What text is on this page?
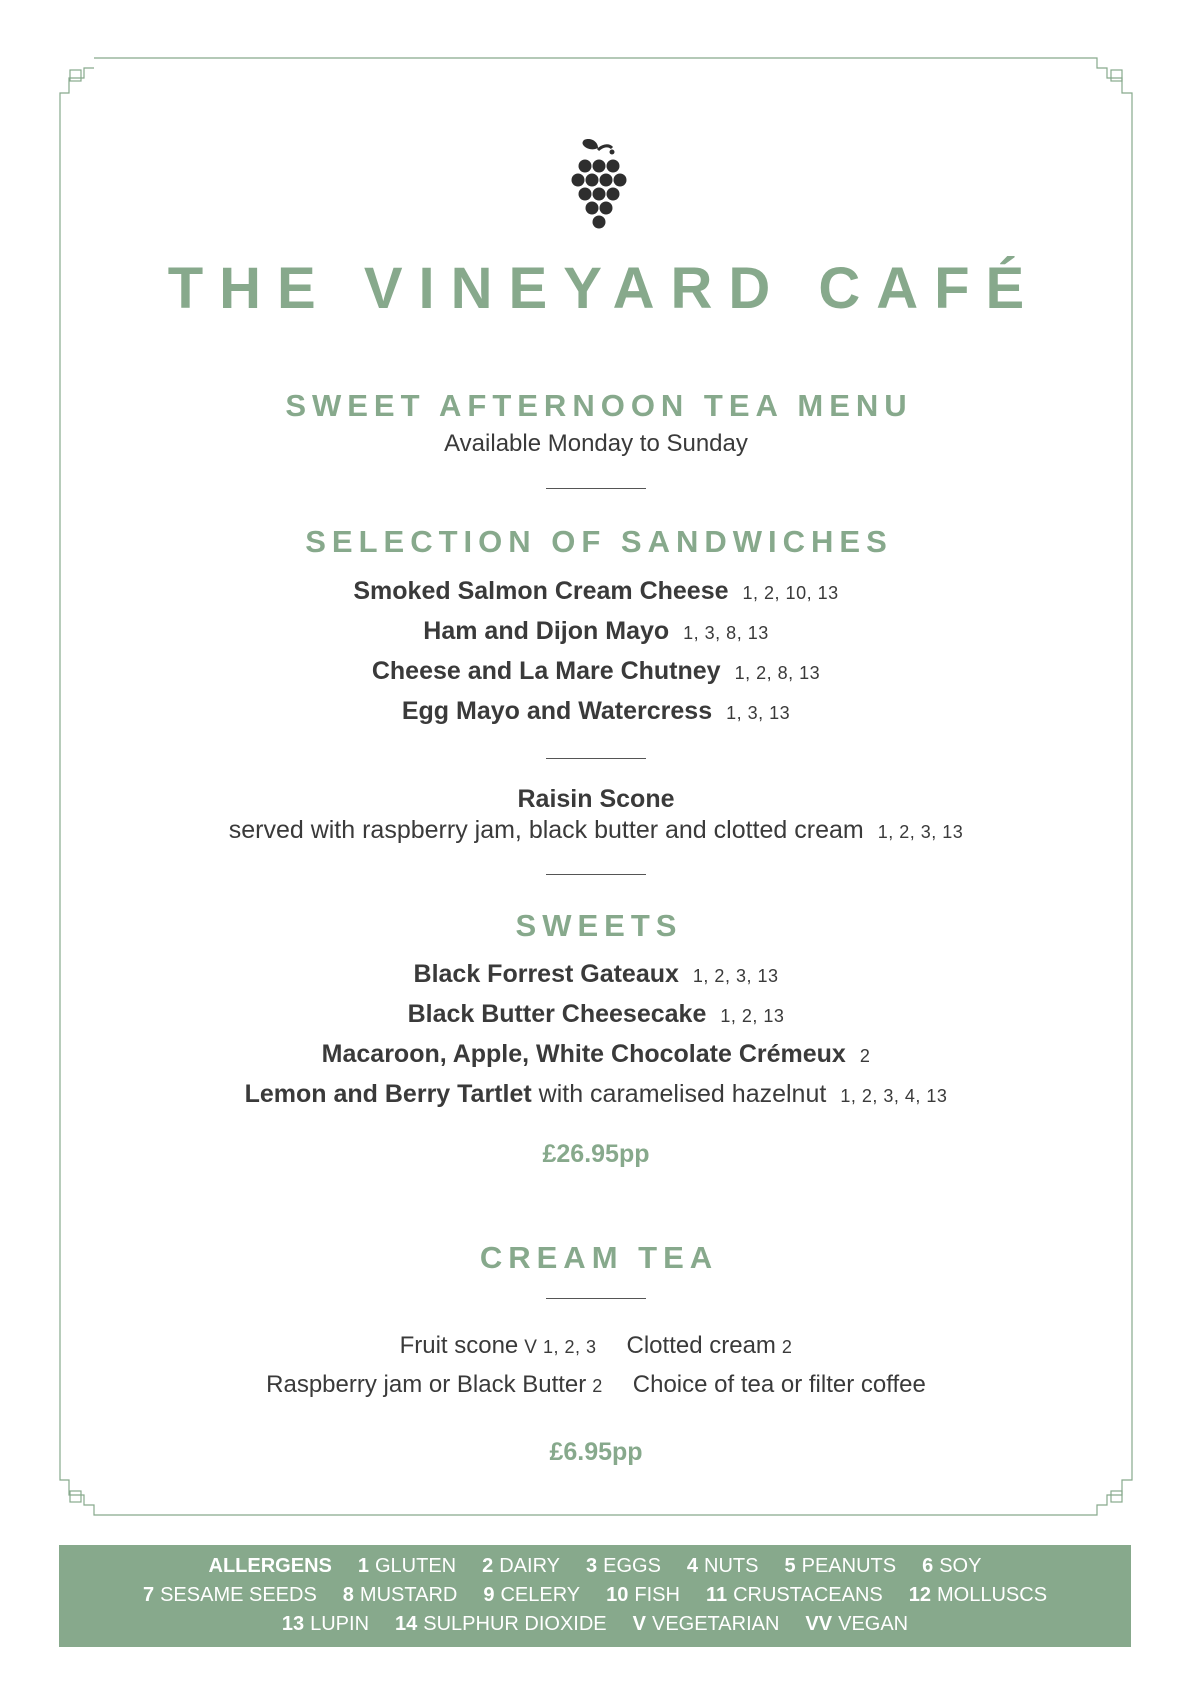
THE VINEYARD CAFÉ
SWEET AFTERNOON TEA MENU
Available Monday to Sunday
SELECTION OF SANDWICHES
Smoked Salmon Cream Cheese 1, 2, 10, 13
Ham and Dijon Mayo 1, 3, 8, 13
Cheese and La Mare Chutney 1, 2, 8, 13
Egg Mayo and Watercress 1, 3, 13
Raisin Scone
served with raspberry jam, black butter and clotted cream 1, 2, 3, 13
SWEETS
Black Forrest Gateaux 1, 2, 3, 13
Black Butter Cheesecake 1, 2, 13
Macaroon, Apple, White Chocolate Crémeux 2
Lemon and Berry Tartlet with caramelised hazelnut 1, 2, 3, 4, 13
£26.95pp
CREAM TEA
Fruit scone V 1, 2, 3 Clotted cream 2
Raspberry jam or Black Butter 2 Choice of tea or filter coffee
£6.95pp
ALLERGENS 1 GLUTEN 2 DAIRY 3 EGGS 4 NUTS 5 PEANUTS 6 SOY
7 SESAME SEEDS 8 MUSTARD 9 CELERY 10 FISH 11 CRUSTACEANS 12 MOLLUSCS
13 LUPIN 14 SULPHUR DIOXIDE V VEGETARIAN VV VEGAN
